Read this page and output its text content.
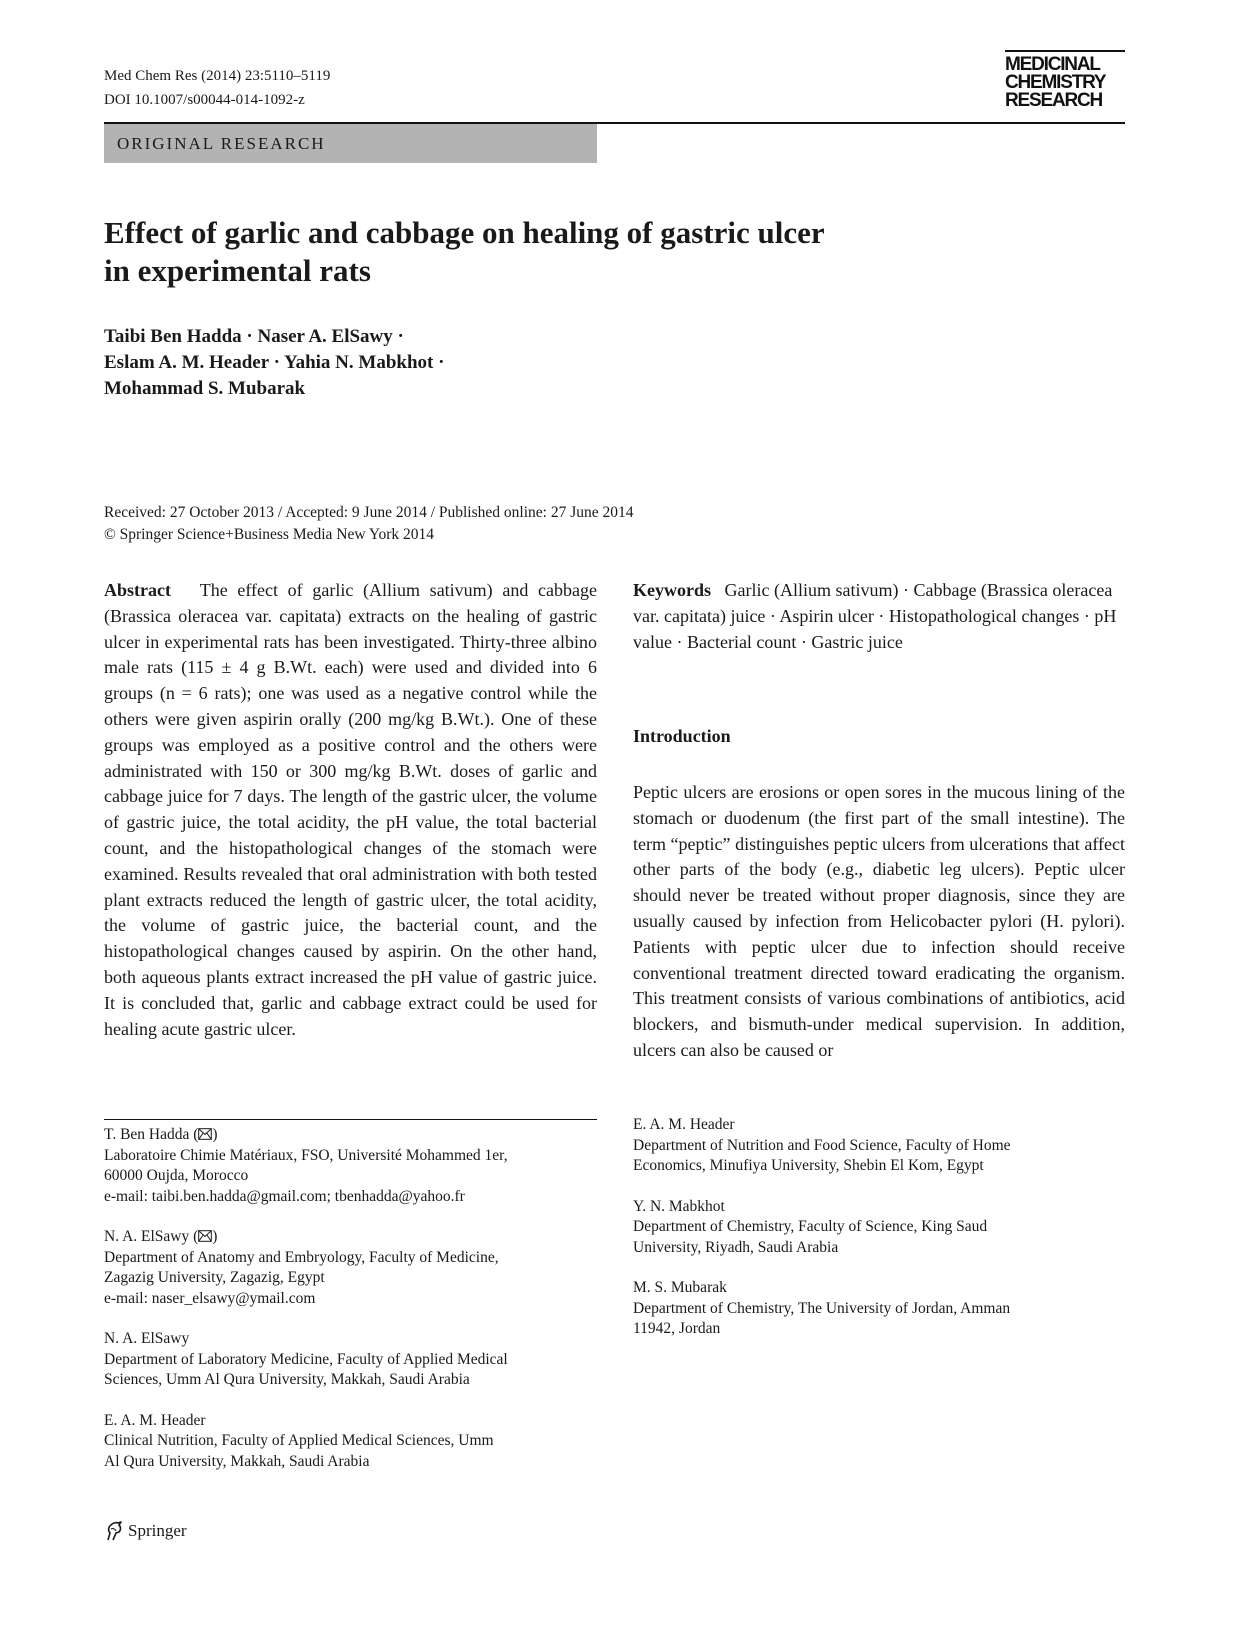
Med Chem Res (2014) 23:5110–5119
DOI 10.1007/s00044-014-1092-z
MEDICINAL
CHEMISTRY
RESEARCH
ORIGINAL RESEARCH
Effect of garlic and cabbage on healing of gastric ulcer
in experimental rats
Taibi Ben Hadda · Naser A. ElSawy ·
Eslam A. M. Header · Yahia N. Mabkhot ·
Mohammad S. Mubarak
Received: 27 October 2013 / Accepted: 9 June 2014 / Published online: 27 June 2014
© Springer Science+Business Media New York 2014

Abstract The effect of garlic (Allium sativum) and cabbage (Brassica oleracea var. capitata) extracts on the healing of gastric ulcer in experimental rats has been investigated. Thirty-three albino male rats (115 ± 4 g B.Wt. each) were used and divided into 6 groups (n = 6 rats); one was used as a negative control while the others were given aspirin orally (200 mg/kg B.Wt.). One of these groups was employed as a positive control and the others were administrated with 150 or 300 mg/kg B.Wt. doses of garlic and cabbage juice for 7 days. The length of the gastric ulcer, the volume of gastric juice, the total acidity, the pH value, the total bacterial count, and the histopathological changes of the stomach were examined. Results revealed that oral administration with both tested plant extracts reduced the length of gastric ulcer, the total acidity, the volume of gastric juice, the bacterial count, and the histopathological changes caused by aspirin. On the other hand, both aqueous plants extract increased the pH value of gastric juice. It is concluded that, garlic and cabbage extract could be used for healing acute gastric ulcer.

Keywords Garlic (Allium sativum) · Cabbage (Brassica oleracea var. capitata) juice · Aspirin ulcer · Histopathological changes · pH value · Bacterial count · Gastric juice

Introduction

Peptic ulcers are erosions or open sores in the mucous lining of the stomach or duodenum (the first part of the small intestine). The term “peptic” distinguishes peptic ulcers from ulcerations that affect other parts of the body (e.g., diabetic leg ulcers). Peptic ulcer should never be treated without proper diagnosis, since they are usually caused by infection from Helicobacter pylori (H. pylori). Patients with peptic ulcer due to infection should receive conventional treatment directed toward eradicating the organism. This treatment consists of various combinations of antibiotics, acid blockers, and bismuth-under medical supervision. In addition, ulcers can also be caused or

T. Ben Hadda ( )
Laboratoire Chimie Matériaux, FSO, Université Mohammed 1er,
60000 Oujda, Morocco
e-mail: taibi.ben.hadda@gmail.com; tbenhadda@yahoo.fr
N. A. ElSawy ( )
Department of Anatomy and Embryology, Faculty of Medicine,
Zagazig University, Zagazig, Egypt
e-mail: naser_elsawy@ymail.com
N. A. ElSawy
Department of Laboratory Medicine, Faculty of Applied Medical
Sciences, Umm Al Qura University, Makkah, Saudi Arabia
E. A. M. Header
Clinical Nutrition, Faculty of Applied Medical Sciences, Umm
Al Qura University, Makkah, Saudi Arabia
E. A. M. Header
Department of Nutrition and Food Science, Faculty of Home
Economics, Minufiya University, Shebin El Kom, Egypt
Y. N. Mabkhot
Department of Chemistry, Faculty of Science, King Saud
University, Riyadh, Saudi Arabia
M. S. Mubarak
Department of Chemistry, The University of Jordan, Amman
11942, Jordan
Springer
